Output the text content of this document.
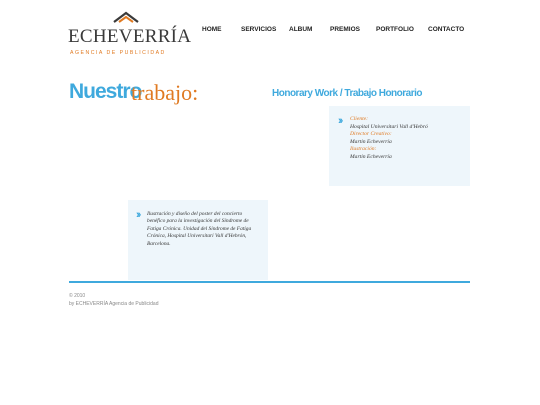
ECHEVERRÍA
AGENCIA DE PUBLICIDAD
HOME	SERVICIOS ALBUM	PREMIOS PORTFOLIO CONTACTO
Nuestro
trabajo:	Honorary Work / Trabajo Honorario
›› Cliente:
Hospital Universitari Vall d'Hebró
Director Creativo:
Martin Echeverría
Ilustración:
Martin Echeverría
›› Ilustración y diseño del poster del concierto benéfico para la investigación del Síndrome de Fatiga Crónica. Unidad del Síndrome de Fatiga Crónica, Hospital Universitari Vall d'Hebrón, Barcelona.
© 2010
by ECHEVERRÍA Agencia de Publicidad
